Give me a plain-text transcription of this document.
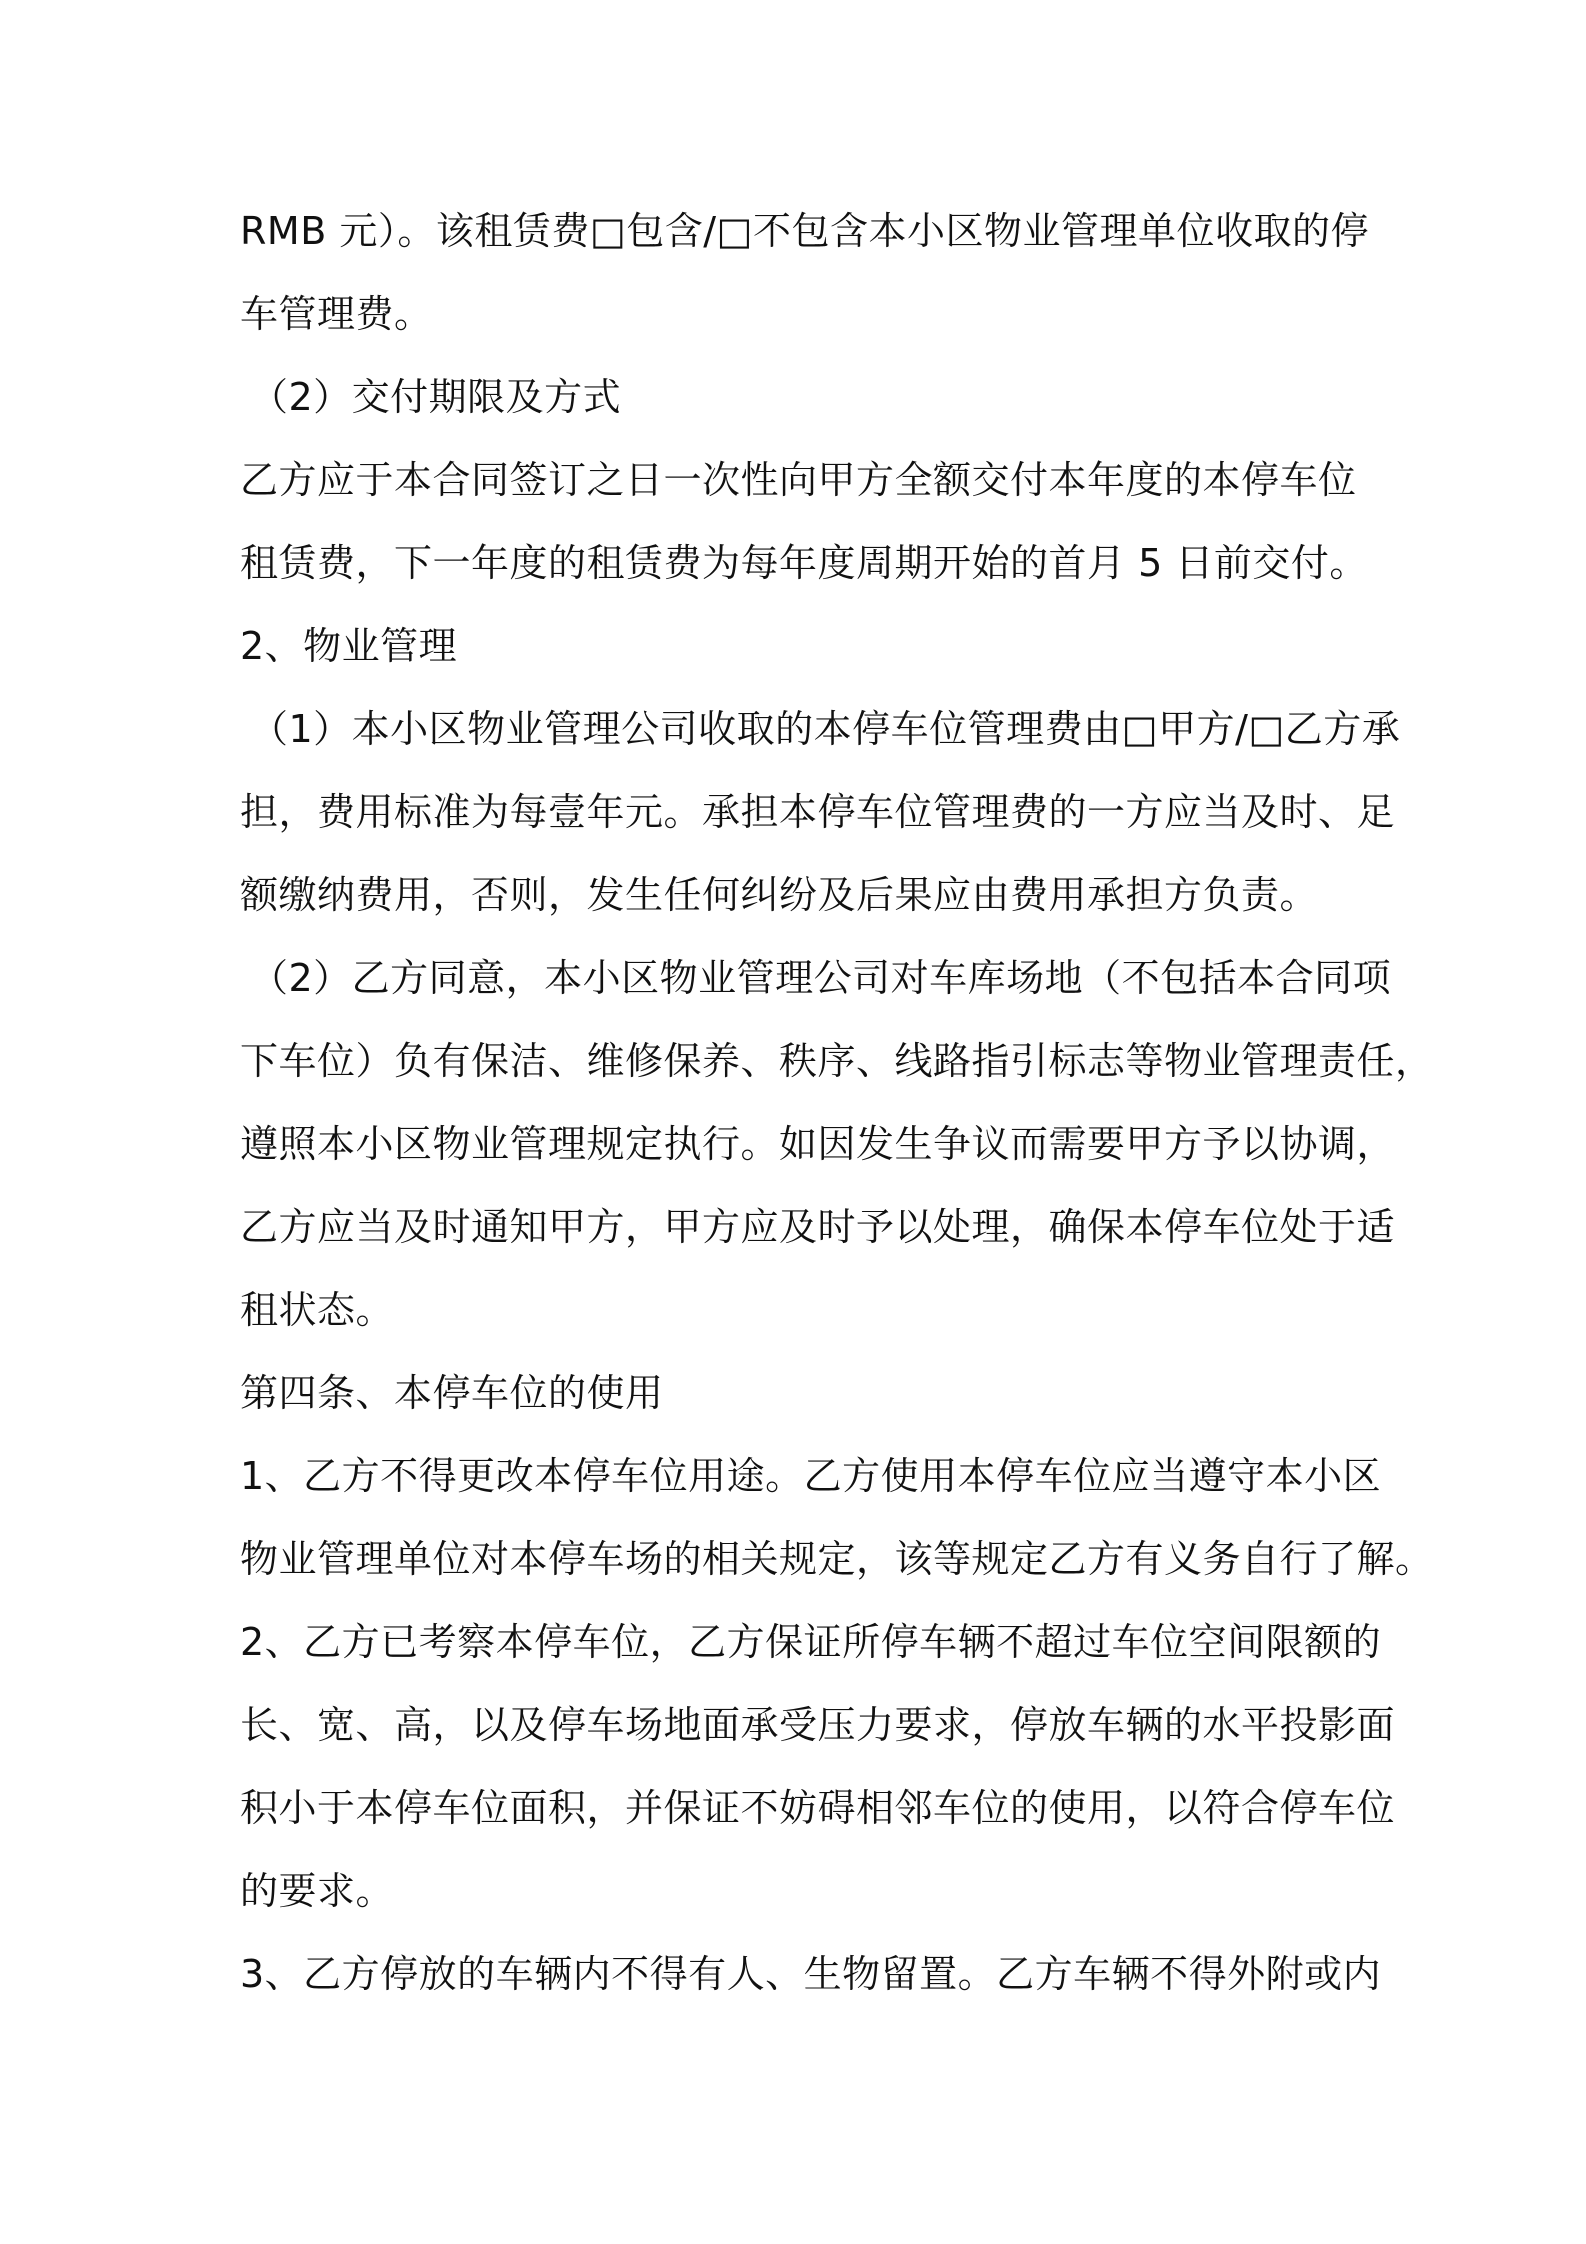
RMB 元）。该租赁费□包含/□不包含本小区物业管理单位收取的停
车管理费。
（2）交付期限及方式
乙方应于本合同签订之日一次性向甲方全额交付本年度的本停车位
租赁费，下一年度的租赁费为每年度周期开始的首月 5 日前交付。
2、物业管理
（1）本小区物业管理公司收取的本停车位管理费由□甲方/□乙方承
担，费用标准为每壹年元。承担本停车位管理费的一方应当及时、足
额缴纳费用，否则，发生任何纠纷及后果应由费用承担方负责。
（2）乙方同意，本小区物业管理公司对车库场地（不包括本合同项
下车位）负有保洁、维修保养、秩序、线路指引标志等物业管理责任，
遵照本小区物业管理规定执行。如因发生争议而需要甲方予以协调，
乙方应当及时通知甲方，甲方应及时予以处理，确保本停车位处于适
租状态。
第四条、本停车位的使用
1、乙方不得更改本停车位用途。乙方使用本停车位应当遵守本小区
物业管理单位对本停车场的相关规定，该等规定乙方有义务自行了解。
2、乙方已考察本停车位，乙方保证所停车辆不超过车位空间限额的
长、宽、高，以及停车场地面承受压力要求，停放车辆的水平投影面
积小于本停车位面积，并保证不妨碍相邻车位的使用，以符合停车位
的要求。
3、乙方停放的车辆内不得有人、生物留置。乙方车辆不得外附或内
